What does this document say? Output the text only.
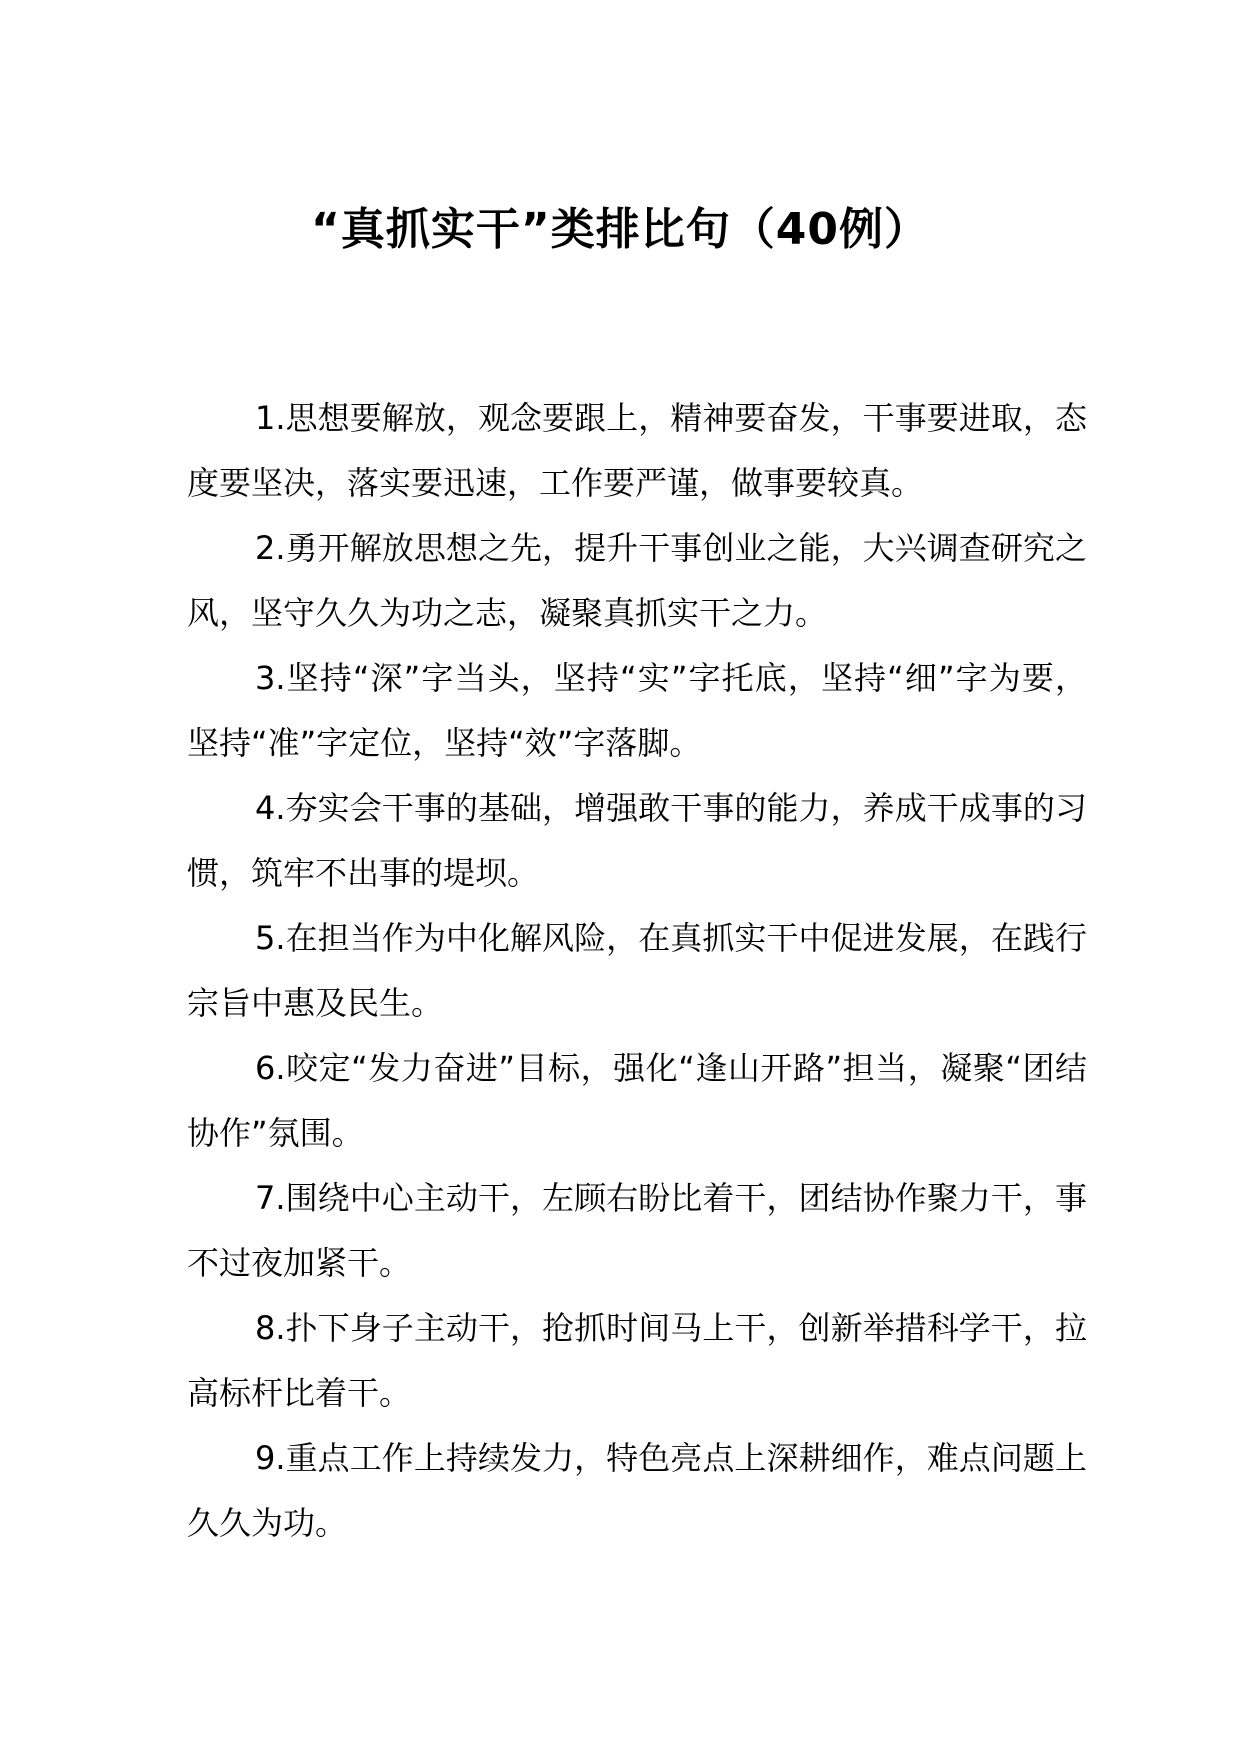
“真抓实干”类排比句（40例）

1.思想要解放，观念要跟上，精神要奋发，干事要进取，态度要坚决，落实要迅速，工作要严谨，做事要较真。

2.勇开解放思想之先，提升干事创业之能，大兴调查研究之风，坚守久久为功之志，凝聚真抓实干之力。

3.坚持“深”字当头，坚持“实”字托底，坚持“细”字为要，坚持“准”字定位，坚持“效”字落脚。

4.夯实会干事的基础，增强敢干事的能力，养成干成事的习惯，筑牢不出事的堤坝。

5.在担当作为中化解风险，在真抓实干中促进发展，在践行宗旨中惠及民生。

6.咬定“发力奋进”目标，强化“逢山开路”担当，凝聚“团结协作”氛围。

7.围绕中心主动干，左顾右盼比着干，团结协作聚力干，事不过夜加紧干。

8.扑下身子主动干，抢抓时间马上干，创新举措科学干，拉高标杆比着干。

9.重点工作上持续发力，特色亮点上深耕细作，难点问题上久久为功。
